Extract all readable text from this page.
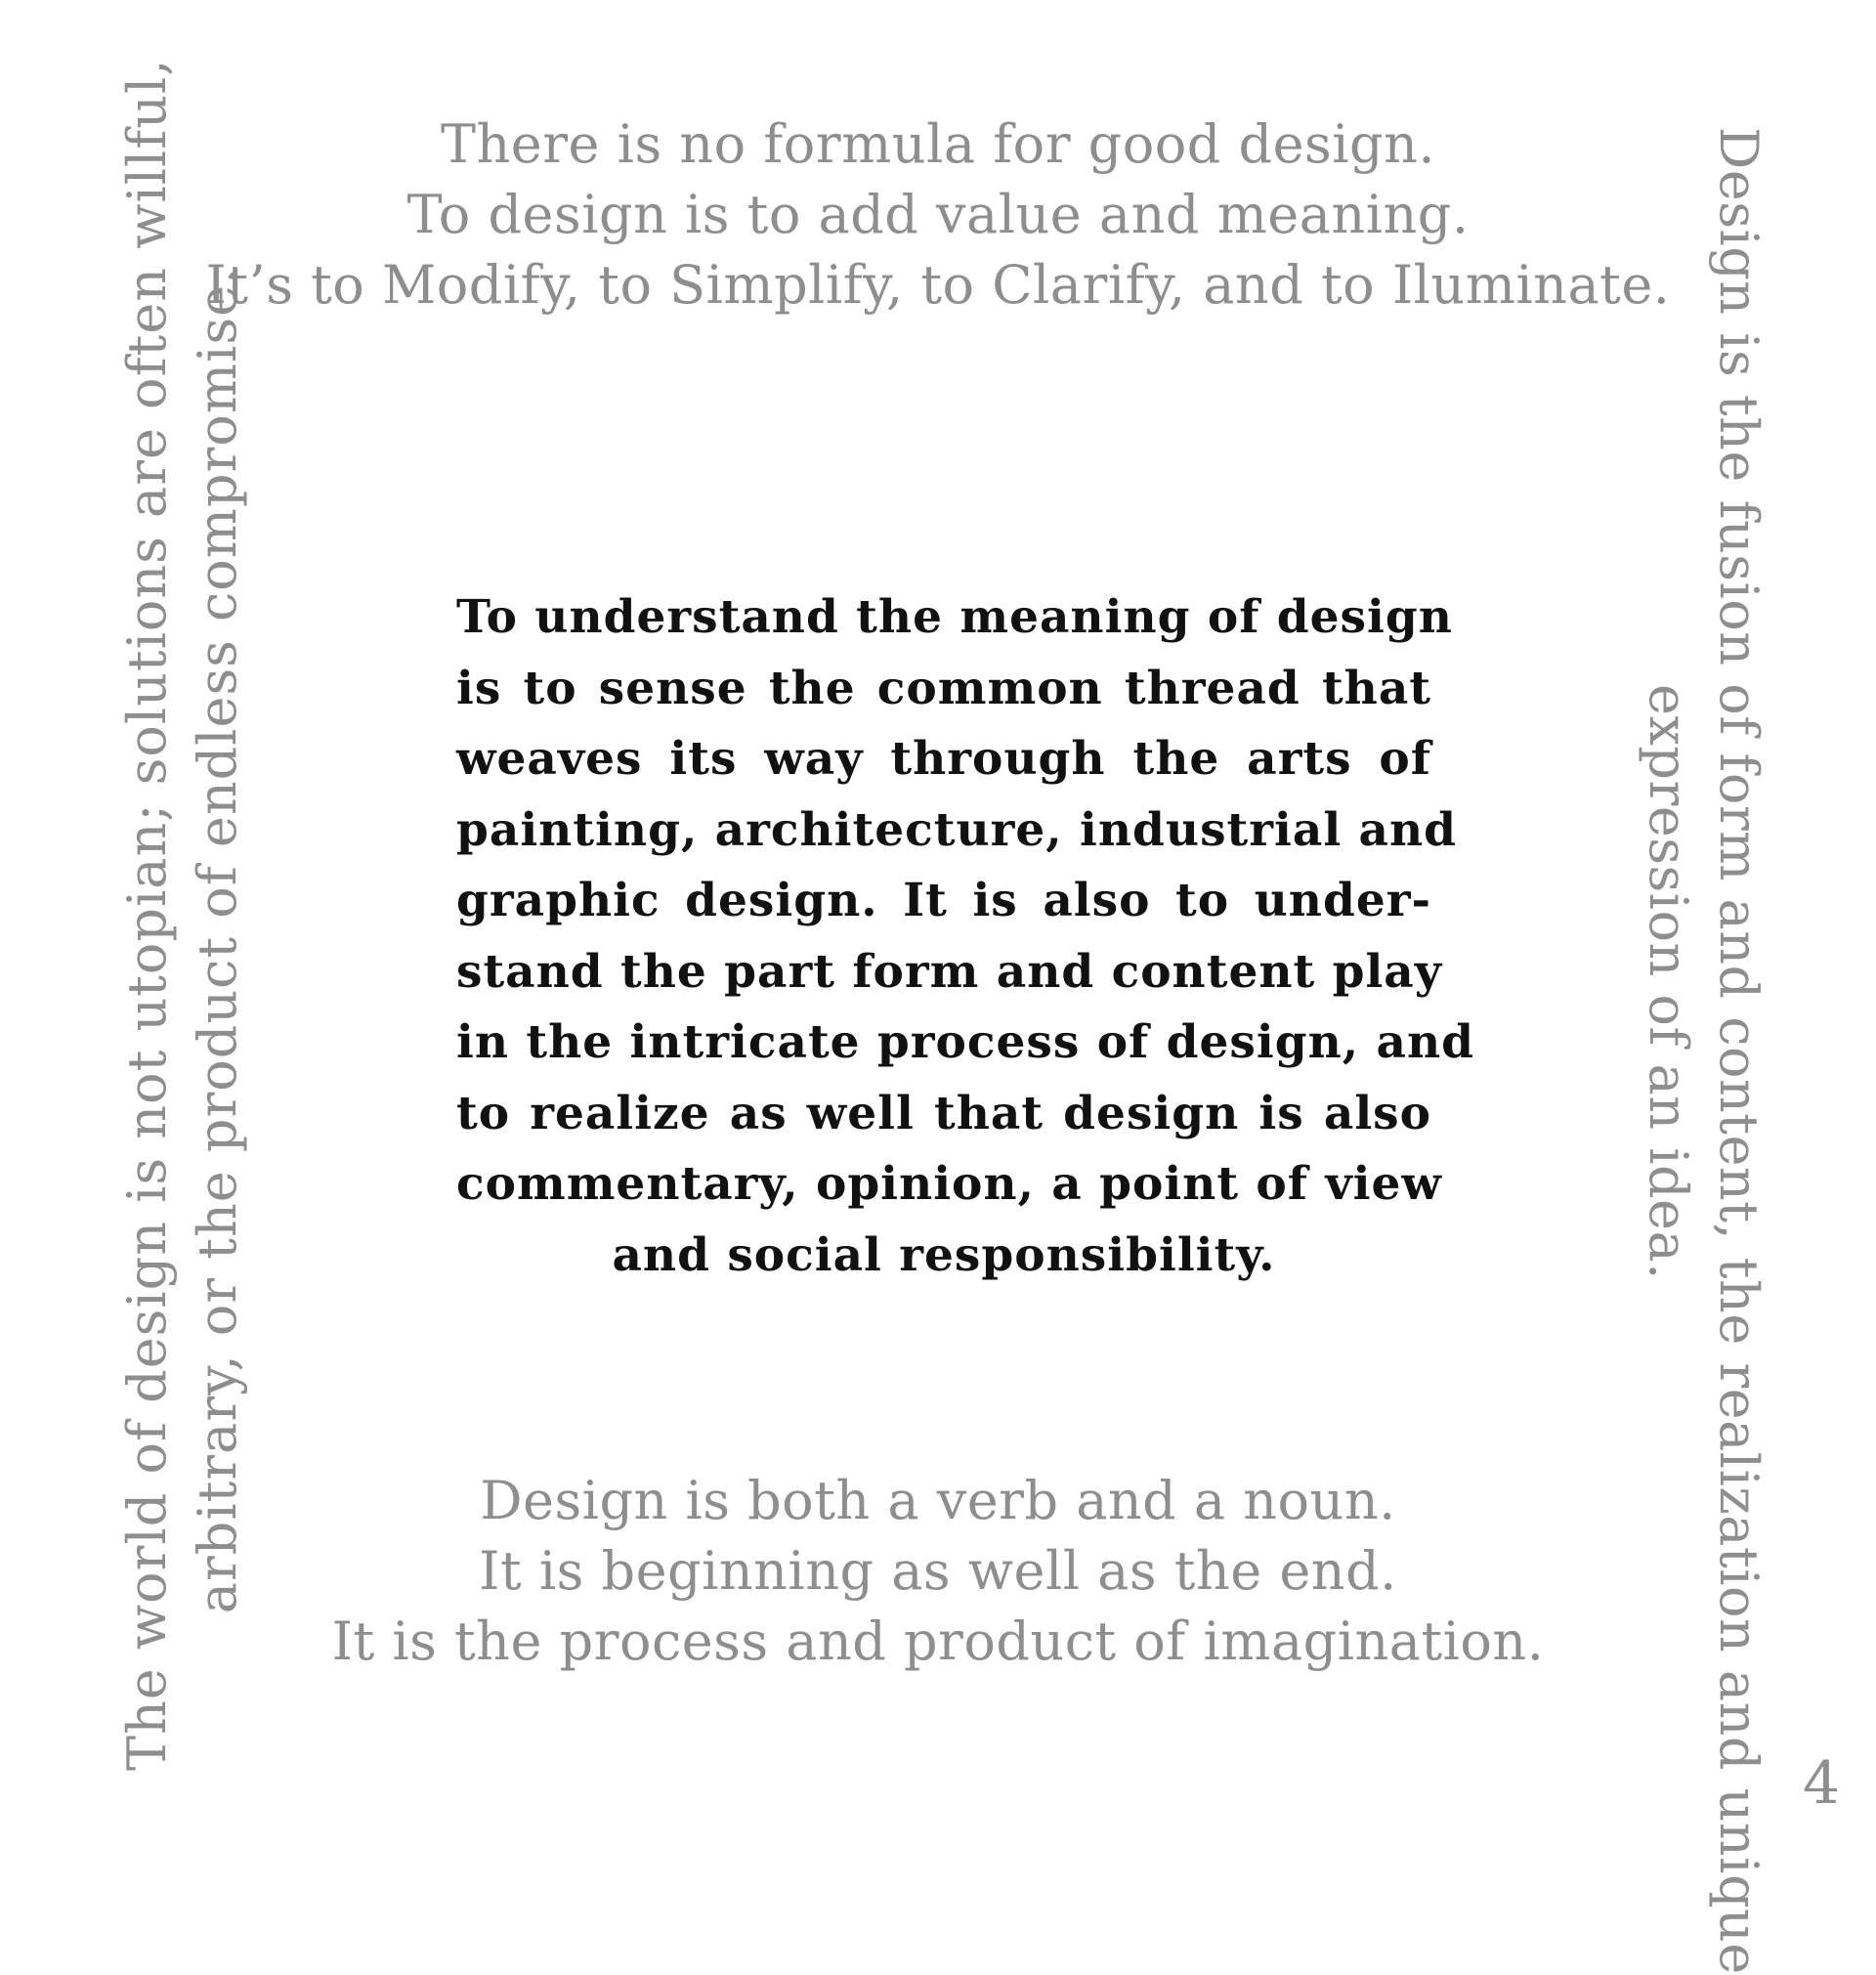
There is no formula for good design.
To design is to add value and meaning.
It’s to Modify, to Simplify, to Clarify, and to Iluminate.
The world of design is not utopian; solutions are often willful, arbitrary, or the product of endless compromise.	To understand the meaning of design
is to sense the common thread that
weaves its way through the arts of
painting, architecture, industrial and
graphic design. It is also to under-
stand the part form and content play
in the intricate process of design, and
to realize as well that design is also
commentary, opinion, a point of view
and social responsibility.	Design is the fusion of form and content, the realization and unique
expression of an idea.
Design is both a verb and a noun.
It is beginning as well as the end.
It is the process and product of imagination.
4
